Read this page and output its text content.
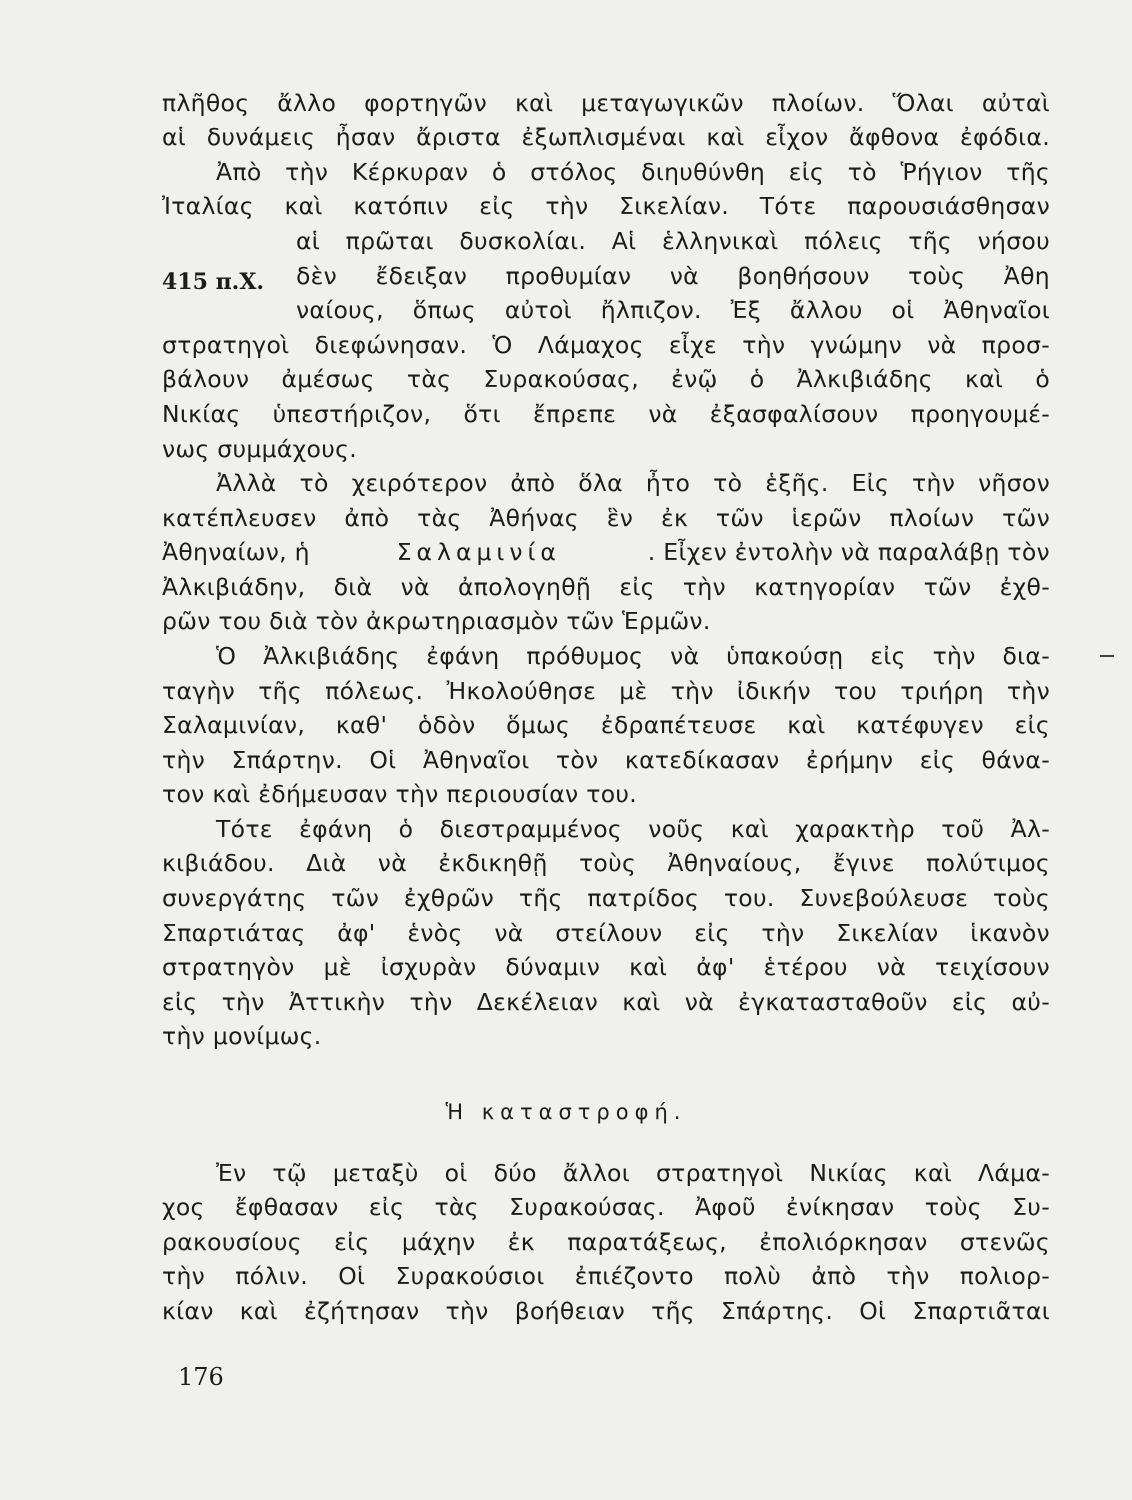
πλῆθος ἄλλο φορτηγῶν καὶ μεταγωγικῶν πλοίων. Ὅλαι αὐταὶ
αἱ δυνάμεις ἦσαν ἄριστα ἐξωπλισμέναι καὶ εἶχον ἄφθονα ἐφόδια.
Ἀπὸ τὴν Κέρκυραν ὁ στόλος διηυθύνθη εἰς τὸ Ῥήγιον τῆς
Ἰταλίας καὶ κατόπιν εἰς τὴν Σικελίαν. Τότε παρουσιάσθησαν
αἱ πρῶται δυσκολίαι. Αἱ ἑλληνικαὶ πόλεις τῆς νήσου
415 π.Χ. δὲν ἔδειξαν προθυμίαν νὰ βοηθήσουν τοὺς Ἀθη
ναίους, ὅπως αὐτοὶ ἤλπιζον. Ἐξ ἄλλου οἱ Ἀθηναῖοι
στρατηγοὶ διεφώνησαν. Ὁ Λάμαχος εἶχε τὴν γνώμην νὰ προσ-
βάλουν ἀμέσως τὰς Συρακούσας, ἐνῷ ὁ Ἀλκιβιάδης καὶ ὁ
Νικίας ὑπεστήριζον, ὅτι ἔπρεπε νὰ ἐξασφαλίσουν προηγουμέ-
νως συμμάχους.
Ἀλλὰ τὸ χειρότερον ἀπὸ ὅλα ἦτο τὸ ἑξῆς. Εἰς τὴν νῆσον
κατέπλευσεν ἀπὸ τὰς Ἀθήνας ἓν ἐκ τῶν ἱερῶν πλοίων τῶν
Ἀθηναίων, ἡ	Σαλαμινία	. Εἶχεν ἐντολὴν νὰ παραλάβῃ τὸν
Ἀλκιβιάδην, διὰ νὰ ἀπολογηθῇ εἰς τὴν κατηγορίαν τῶν ἐχθ-
ρῶν του διὰ τὸν ἀκρωτηριασμὸν τῶν Ἑρμῶν.
Ὁ Ἀλκιβιάδης ἐφάνη πρόθυμος νὰ ὑπακούσῃ εἰς τὴν δια-
ταγὴν τῆς πόλεως. Ἠκολούθησε μὲ τὴν ἰδικήν του τριήρη τὴν
Σαλαμινίαν, καθ' ὁδὸν ὅμως ἐδραπέτευσε καὶ κατέφυγεν εἰς
τὴν Σπάρτην. Οἱ Ἀθηναῖοι τὸν κατεδίκασαν ἐρήμην εἰς θάνα-
τον καὶ ἐδήμευσαν τὴν περιουσίαν του.
Τότε ἐφάνη ὁ διεστραμμένος νοῦς καὶ χαρακτὴρ τοῦ Ἀλ-
κιβιάδου. Διὰ νὰ ἐκδικηθῇ τοὺς Ἀθηναίους, ἔγινε πολύτιμος
συνεργάτης τῶν ἐχθρῶν τῆς πατρίδος του. Συνεβούλευσε τοὺς
Σπαρτιάτας ἀφ' ἑνὸς νὰ στείλουν εἰς τὴν Σικελίαν ἱκανὸν
στρατηγὸν μὲ ἰσχυρὰν δύναμιν καὶ ἀφ' ἑτέρου νὰ τειχίσουν
εἰς τὴν Ἀττικὴν τὴν Δεκέλειαν καὶ νὰ ἐγκατασταθοῦν εἰς αὐ-
τὴν μονίμως.
Ἡ καταστροφή.
Ἐν τῷ μεταξὺ οἱ δύο ἄλλοι στρατηγοὶ Νικίας καὶ Λάμα-
χος ἔφθασαν εἰς τὰς Συρακούσας. Ἀφοῦ ἐνίκησαν τοὺς Συ-
ρακουσίους εἰς μάχην ἐκ παρατάξεως, ἐπολιόρκησαν στενῶς
τὴν πόλιν. Οἱ Συρακούσιοι ἐπιέζοντο πολὺ ἀπὸ τὴν πολιορ-
κίαν καὶ ἐζήτησαν τὴν βοήθειαν τῆς Σπάρτης. Οἱ Σπαρτιᾶται
176
